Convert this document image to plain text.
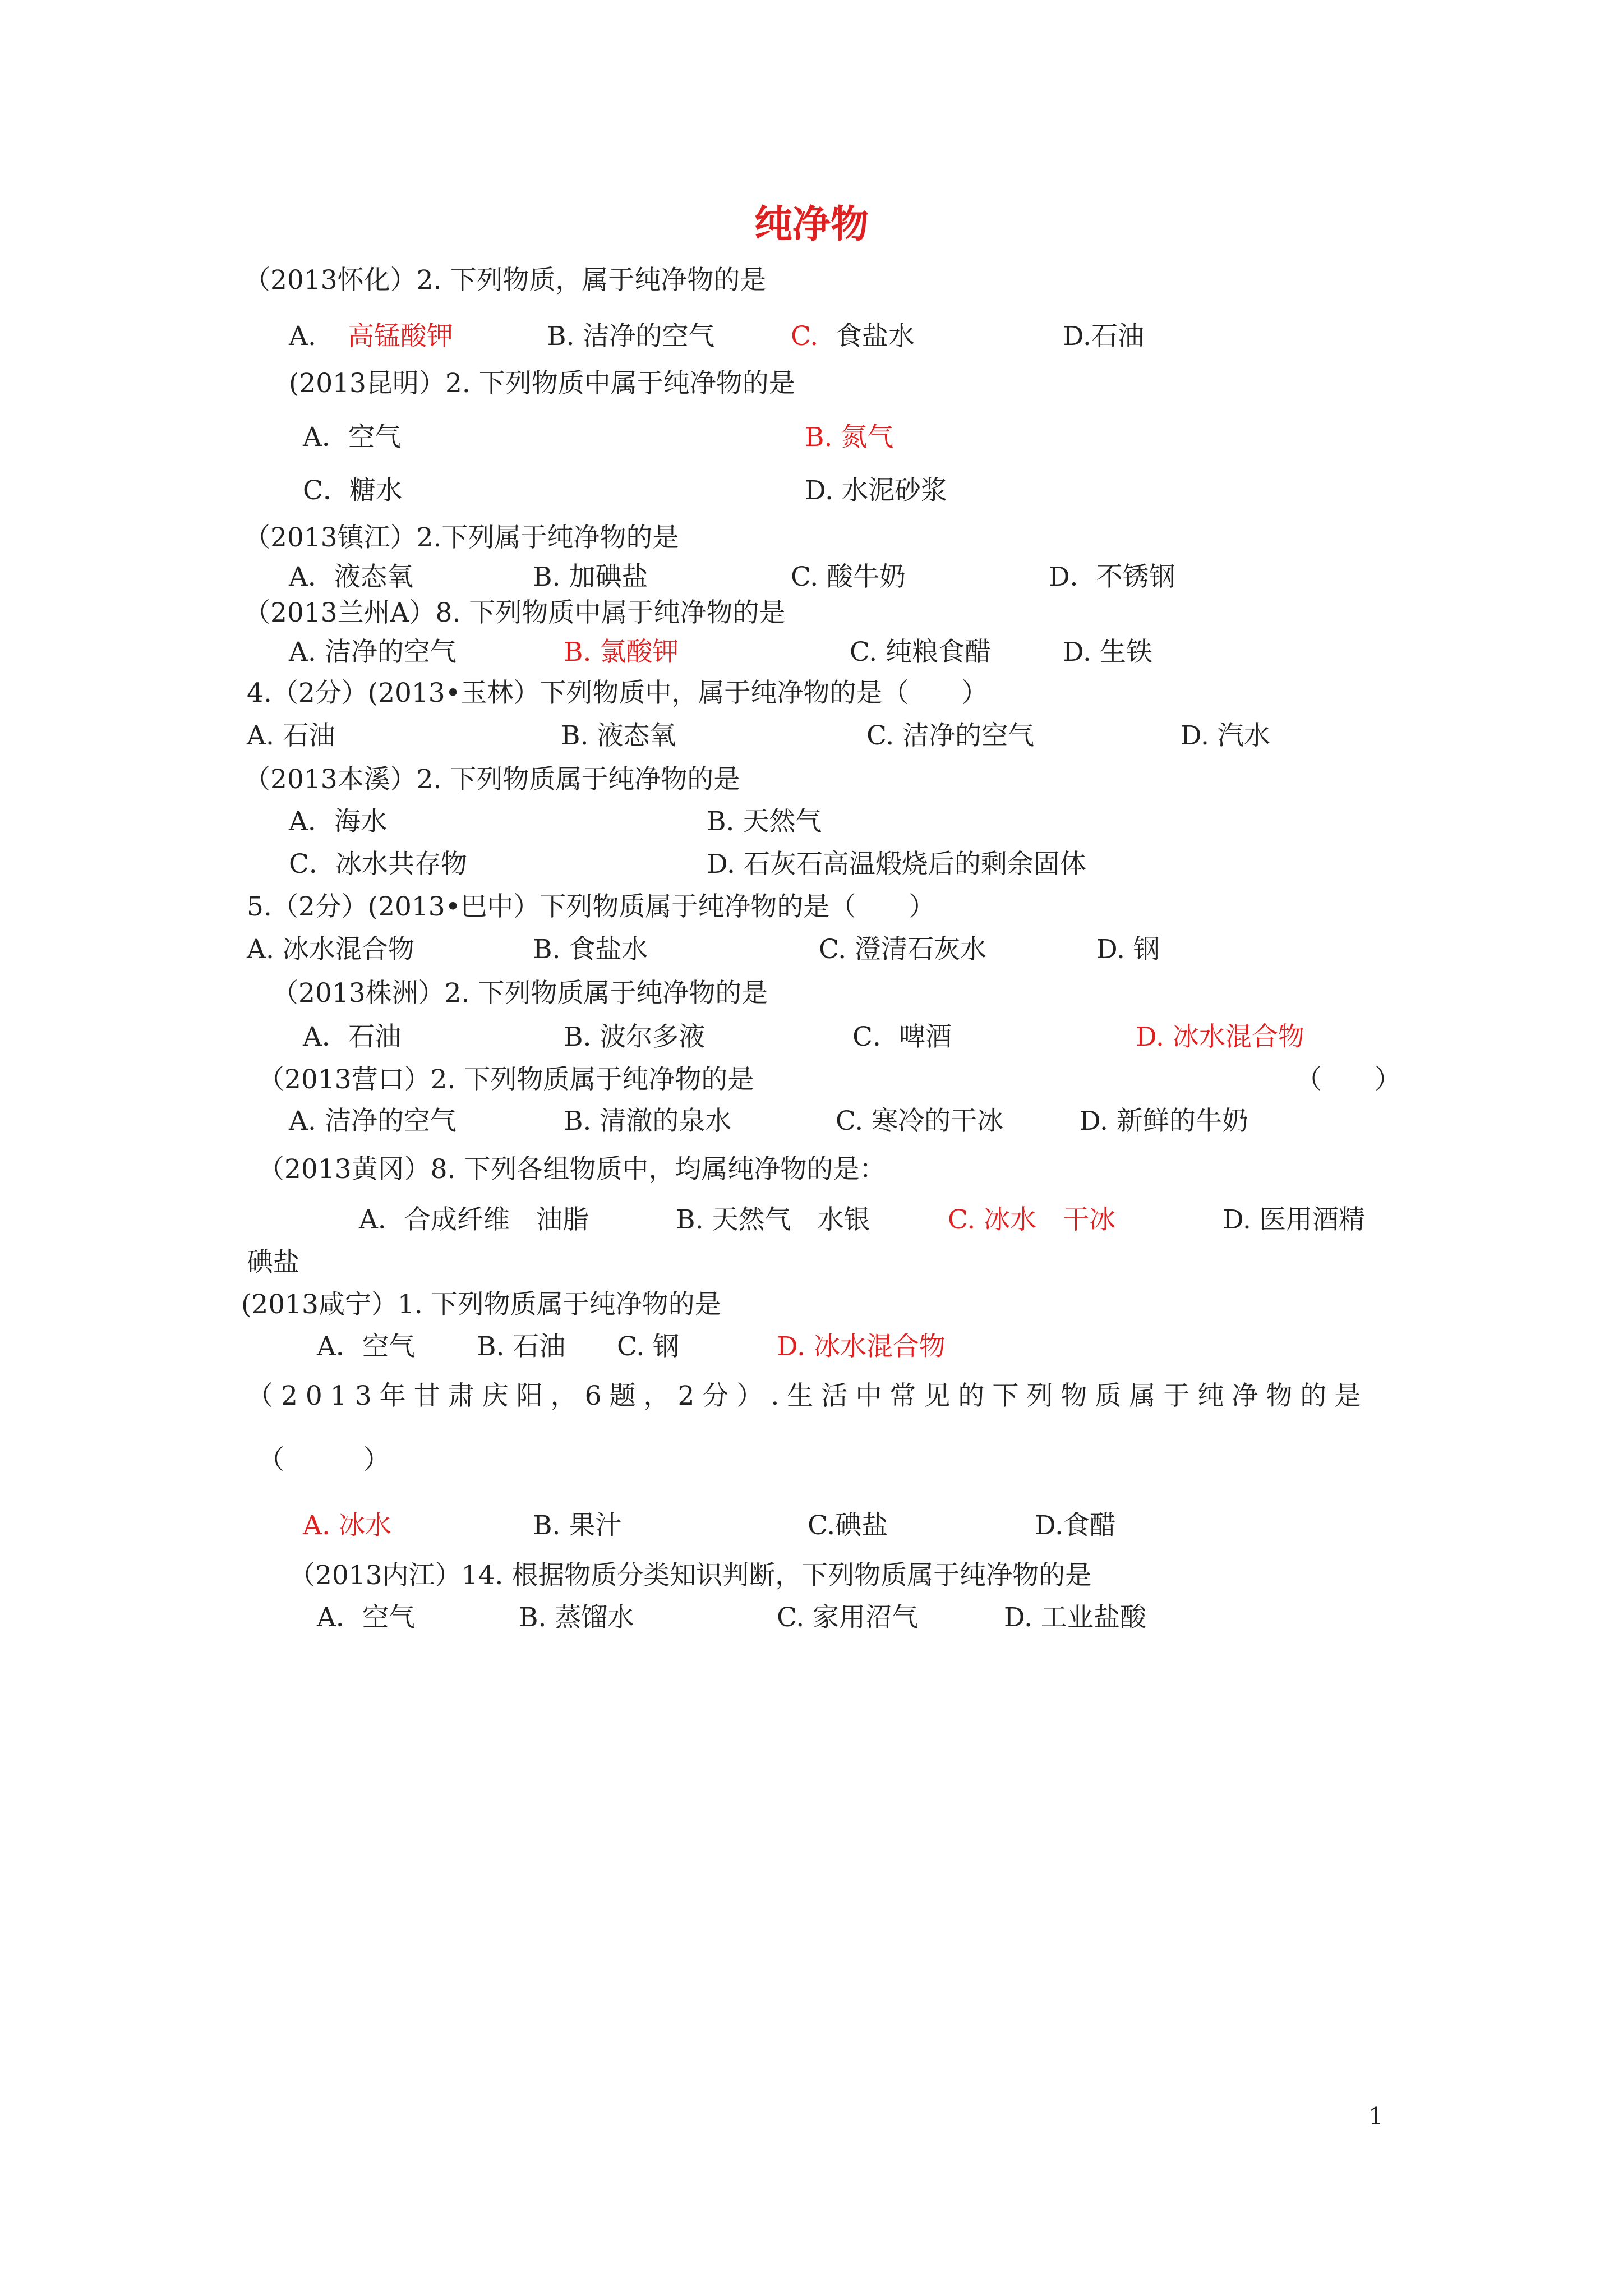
纯净物
（2013怀化）2. 下列物质，属于纯净物的是
A. 高锰酸钾	B. 洁净的空气	C. 食盐水	D.石油
(2013昆明）2. 下列物质中属于纯净物的是
A．空气	B. 氮气
C．糖水	D. 水泥砂浆
（2013镇江）2.下列属于纯净物的是
A．液态氧	B. 加碘盐	C. 酸牛奶	D．不锈钢
（2013兰州A）8. 下列物质中属于纯净物的是
A. 洁净的空气	B. 氯酸钾	C. 纯粮食醋	D. 生铁
4.（2分）(2013•玉林）下列物质中，属于纯净物的是（　　）
A. 石油	B. 液态氧	C. 洁净的空气	D. 汽水
（2013本溪）2. 下列物质属于纯净物的是
A．海水	B. 天然气
C．冰水共存物	D. 石灰石高温煅烧后的剩余固体
5.（2分）(2013•巴中）下列物质属于纯净物的是（　　）
A. 冰水混合物	B. 食盐水	C. 澄清石灰水	D. 钢
（2013株洲）2. 下列物质属于纯净物的是
A．石油	B. 波尔多液	C．啤酒	D. 冰水混合物
（2013营口）2. 下列物质属于纯净物的是	（　　）
A. 洁净的空气	B. 清澈的泉水	C. 寒冷的干冰	D. 新鲜的牛奶
（2013黄冈）8. 下列各组物质中，均属纯净物的是：
A．合成纤维　油脂	B. 天然气　水银	C. 冰水　干冰	D. 医用酒精
碘盐
(2013咸宁）1. 下列物质属于纯净物的是
A．空气 B. 石油 C. 钢	D. 冰水混合物
（2013年甘肃庆阳，6题，2分）.生活中常见的下列物质属于纯净物的是
（　　　）
A. 冰水	B. 果汁	C.碘盐	D.食醋
（2013内江）14. 根据物质分类知识判断，下列物质属于纯净物的是
A．空气	B. 蒸馏水	C. 家用沼气	D. 工业盐酸
1
